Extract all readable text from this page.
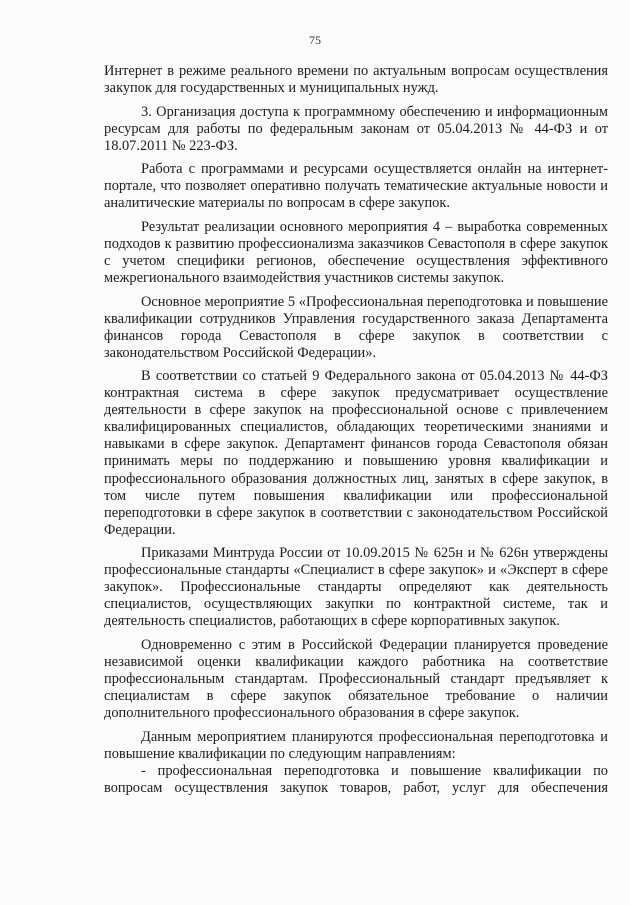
75

Интернет в режиме реального времени по актуальным вопросам осуществления закупок для государственных и муниципальных нужд.

3. Организация доступа к программному обеспечению и информационным ресурсам для работы по федеральным законам от 05.04.2013 № 44-ФЗ и от 18.07.2011 № 223-ФЗ.

Работа с программами и ресурсами осуществляется онлайн на интернет-портале, что позволяет оперативно получать тематические актуальные новости и аналитические материалы по вопросам в сфере закупок.

Результат реализации основного мероприятия 4 – выработка современных подходов к развитию профессионализма заказчиков Севастополя в сфере закупок с учетом специфики регионов, обеспечение осуществления эффективного межрегионального взаимодействия участников системы закупок.

Основное мероприятие 5 «Профессиональная переподготовка и повышение квалификации сотрудников Управления государственного заказа Департамента финансов города Севастополя в сфере закупок в соответствии с законодательством Российской Федерации».

В соответствии со статьей 9 Федерального закона от 05.04.2013 № 44-ФЗ контрактная система в сфере закупок предусматривает осуществление деятельности в сфере закупок на профессиональной основе с привлечением квалифицированных специалистов, обладающих теоретическими знаниями и навыками в сфере закупок. Департамент финансов города Севастополя обязан принимать меры по поддержанию и повышению уровня квалификации и профессионального образования должностных лиц, занятых в сфере закупок, в том числе путем повышения квалификации или профессиональной переподготовки в сфере закупок в соответствии с законодательством Российской Федерации.

Приказами Минтруда России от 10.09.2015 № 625н и № 626н утверждены профессиональные стандарты «Специалист в сфере закупок» и «Эксперт в сфере закупок». Профессиональные стандарты определяют как деятельность специалистов, осуществляющих закупки по контрактной системе, так и деятельность специалистов, работающих в сфере корпоративных закупок.

Одновременно с этим в Российской Федерации планируется проведение независимой оценки квалификации каждого работника на соответствие профессиональным стандартам. Профессиональный стандарт предъявляет к специалистам в сфере закупок обязательное требование о наличии дополнительного профессионального образования в сфере закупок.

Данным мероприятием планируются профессиональная переподготовка и повышение квалификации по следующим направлениям:

- профессиональная переподготовка и повышение квалификации по вопросам осуществления закупок товаров, работ, услуг для обеспечения
